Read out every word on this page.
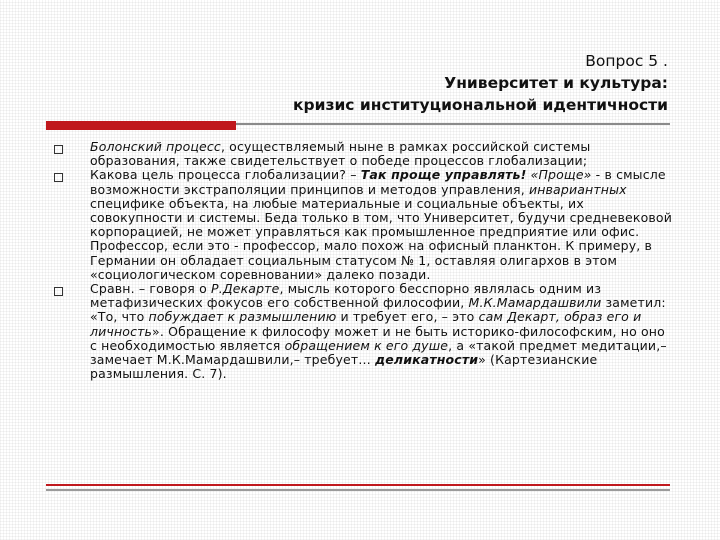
Вопрос 5 .
Университет и культура:
кризис институциональной идентичности

Болонский процесс, осуществляемый ныне в рамках российской системы образования, также свидетельствует о победе процессов глобализации;

Какова цель процесса глобализации? – Так проще управлять! «Проще» - в смысле возможности экстраполяции принципов и методов управления, инвариантных специфике объекта, на любые материальные и социальные объекты, их совокупности и системы. Беда только в том, что Университет, будучи средневековой корпорацией, не может управляться как промышленное предприятие или офис. Профессор, если это - профессор, мало похож на офисный планктон. К примеру, в Германии он обладает социальным статусом № 1, оставляя олигархов в этом «социологическом соревновании» далеко позади.

Сравн. – говоря о Р.Декарте, мысль которого бесспорно являлась одним из метафизических фокусов его собственной философии, М.К.Мамардашвили заметил: «То, что побуждает к размышлению и требует его, – это сам Декарт, образ его и личность». Обращение к философу может и не быть историко-философским, но оно с необходимостью является обращением к его душе, а «такой предмет медитации,– замечает М.К.Мамардашвили,– требует… деликатности» (Картезианские размышления. С. 7).
